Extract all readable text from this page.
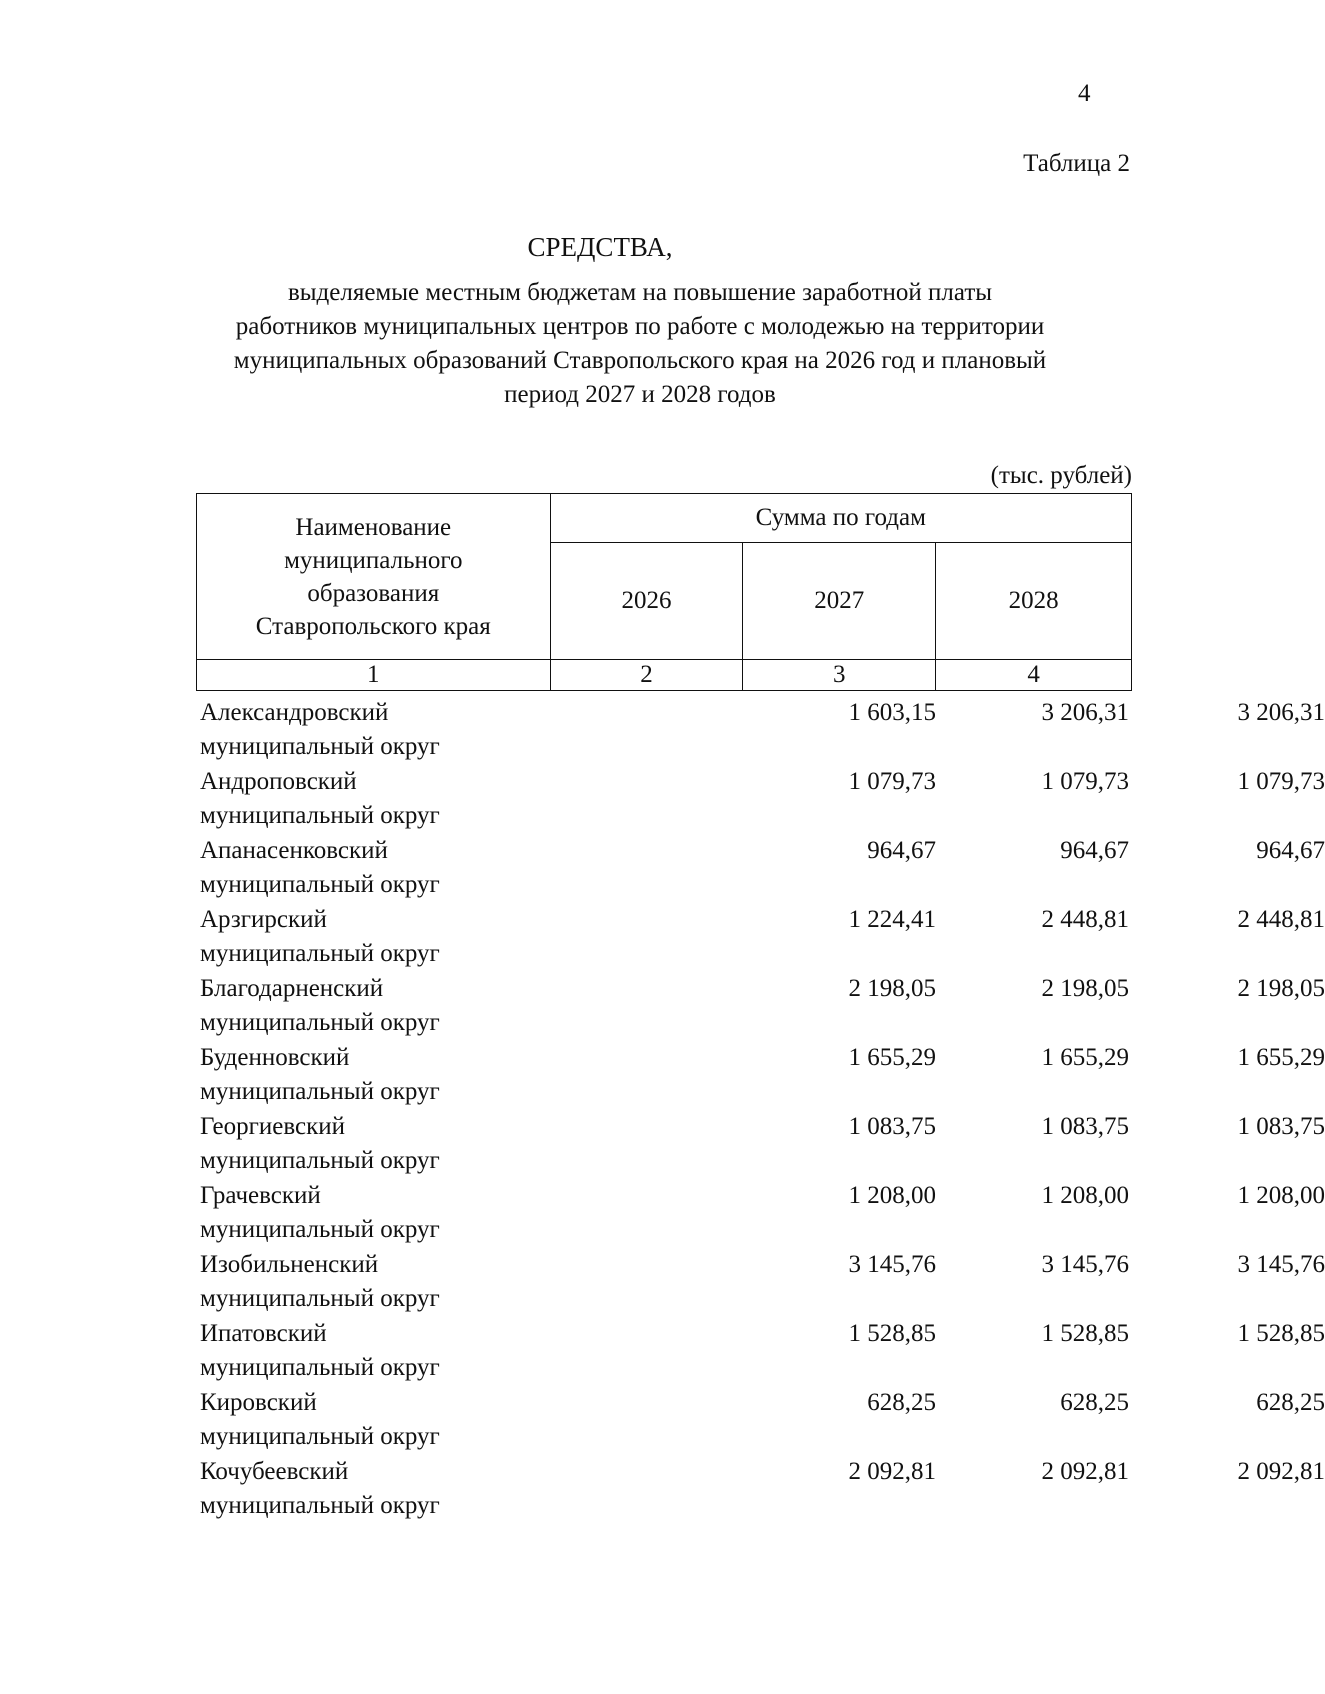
4
Таблица 2
СРЕДСТВА,
выделяемые местным бюджетам на повышение заработной платы
работников муниципальных центров по работе с молодежью на территории
муниципальных образований Ставропольского края на 2026 год и плановый
период 2027 и 2028 годов
(тыс. рублей)
Наименование
муниципального
образования
Ставропольского края	Сумма по годам		
	2026	2027	2028
1	2	3	4
Александровский
муниципальный округ
1 603,15	3 206,31	3 206,31
Андроповский
муниципальный округ
1 079,73	1 079,73	1 079,73
Апанасенковский
муниципальный округ
964,67	964,67	964,67
Арзгирский
муниципальный округ
1 224,41	2 448,81	2 448,81
Благодарненский
муниципальный округ
2 198,05	2 198,05	2 198,05
Буденновский
муниципальный округ
1 655,29	1 655,29	1 655,29
Георгиевский
муниципальный округ
1 083,75	1 083,75	1 083,75
Грачевский
муниципальный округ
1 208,00	1 208,00	1 208,00
Изобильненский
муниципальный округ
3 145,76	3 145,76	3 145,76
Ипатовский
муниципальный округ
1 528,85	1 528,85	1 528,85
Кировский
муниципальный округ
628,25	628,25	628,25
Кочубеевский
муниципальный округ
2 092,81	2 092,81	2 092,81
